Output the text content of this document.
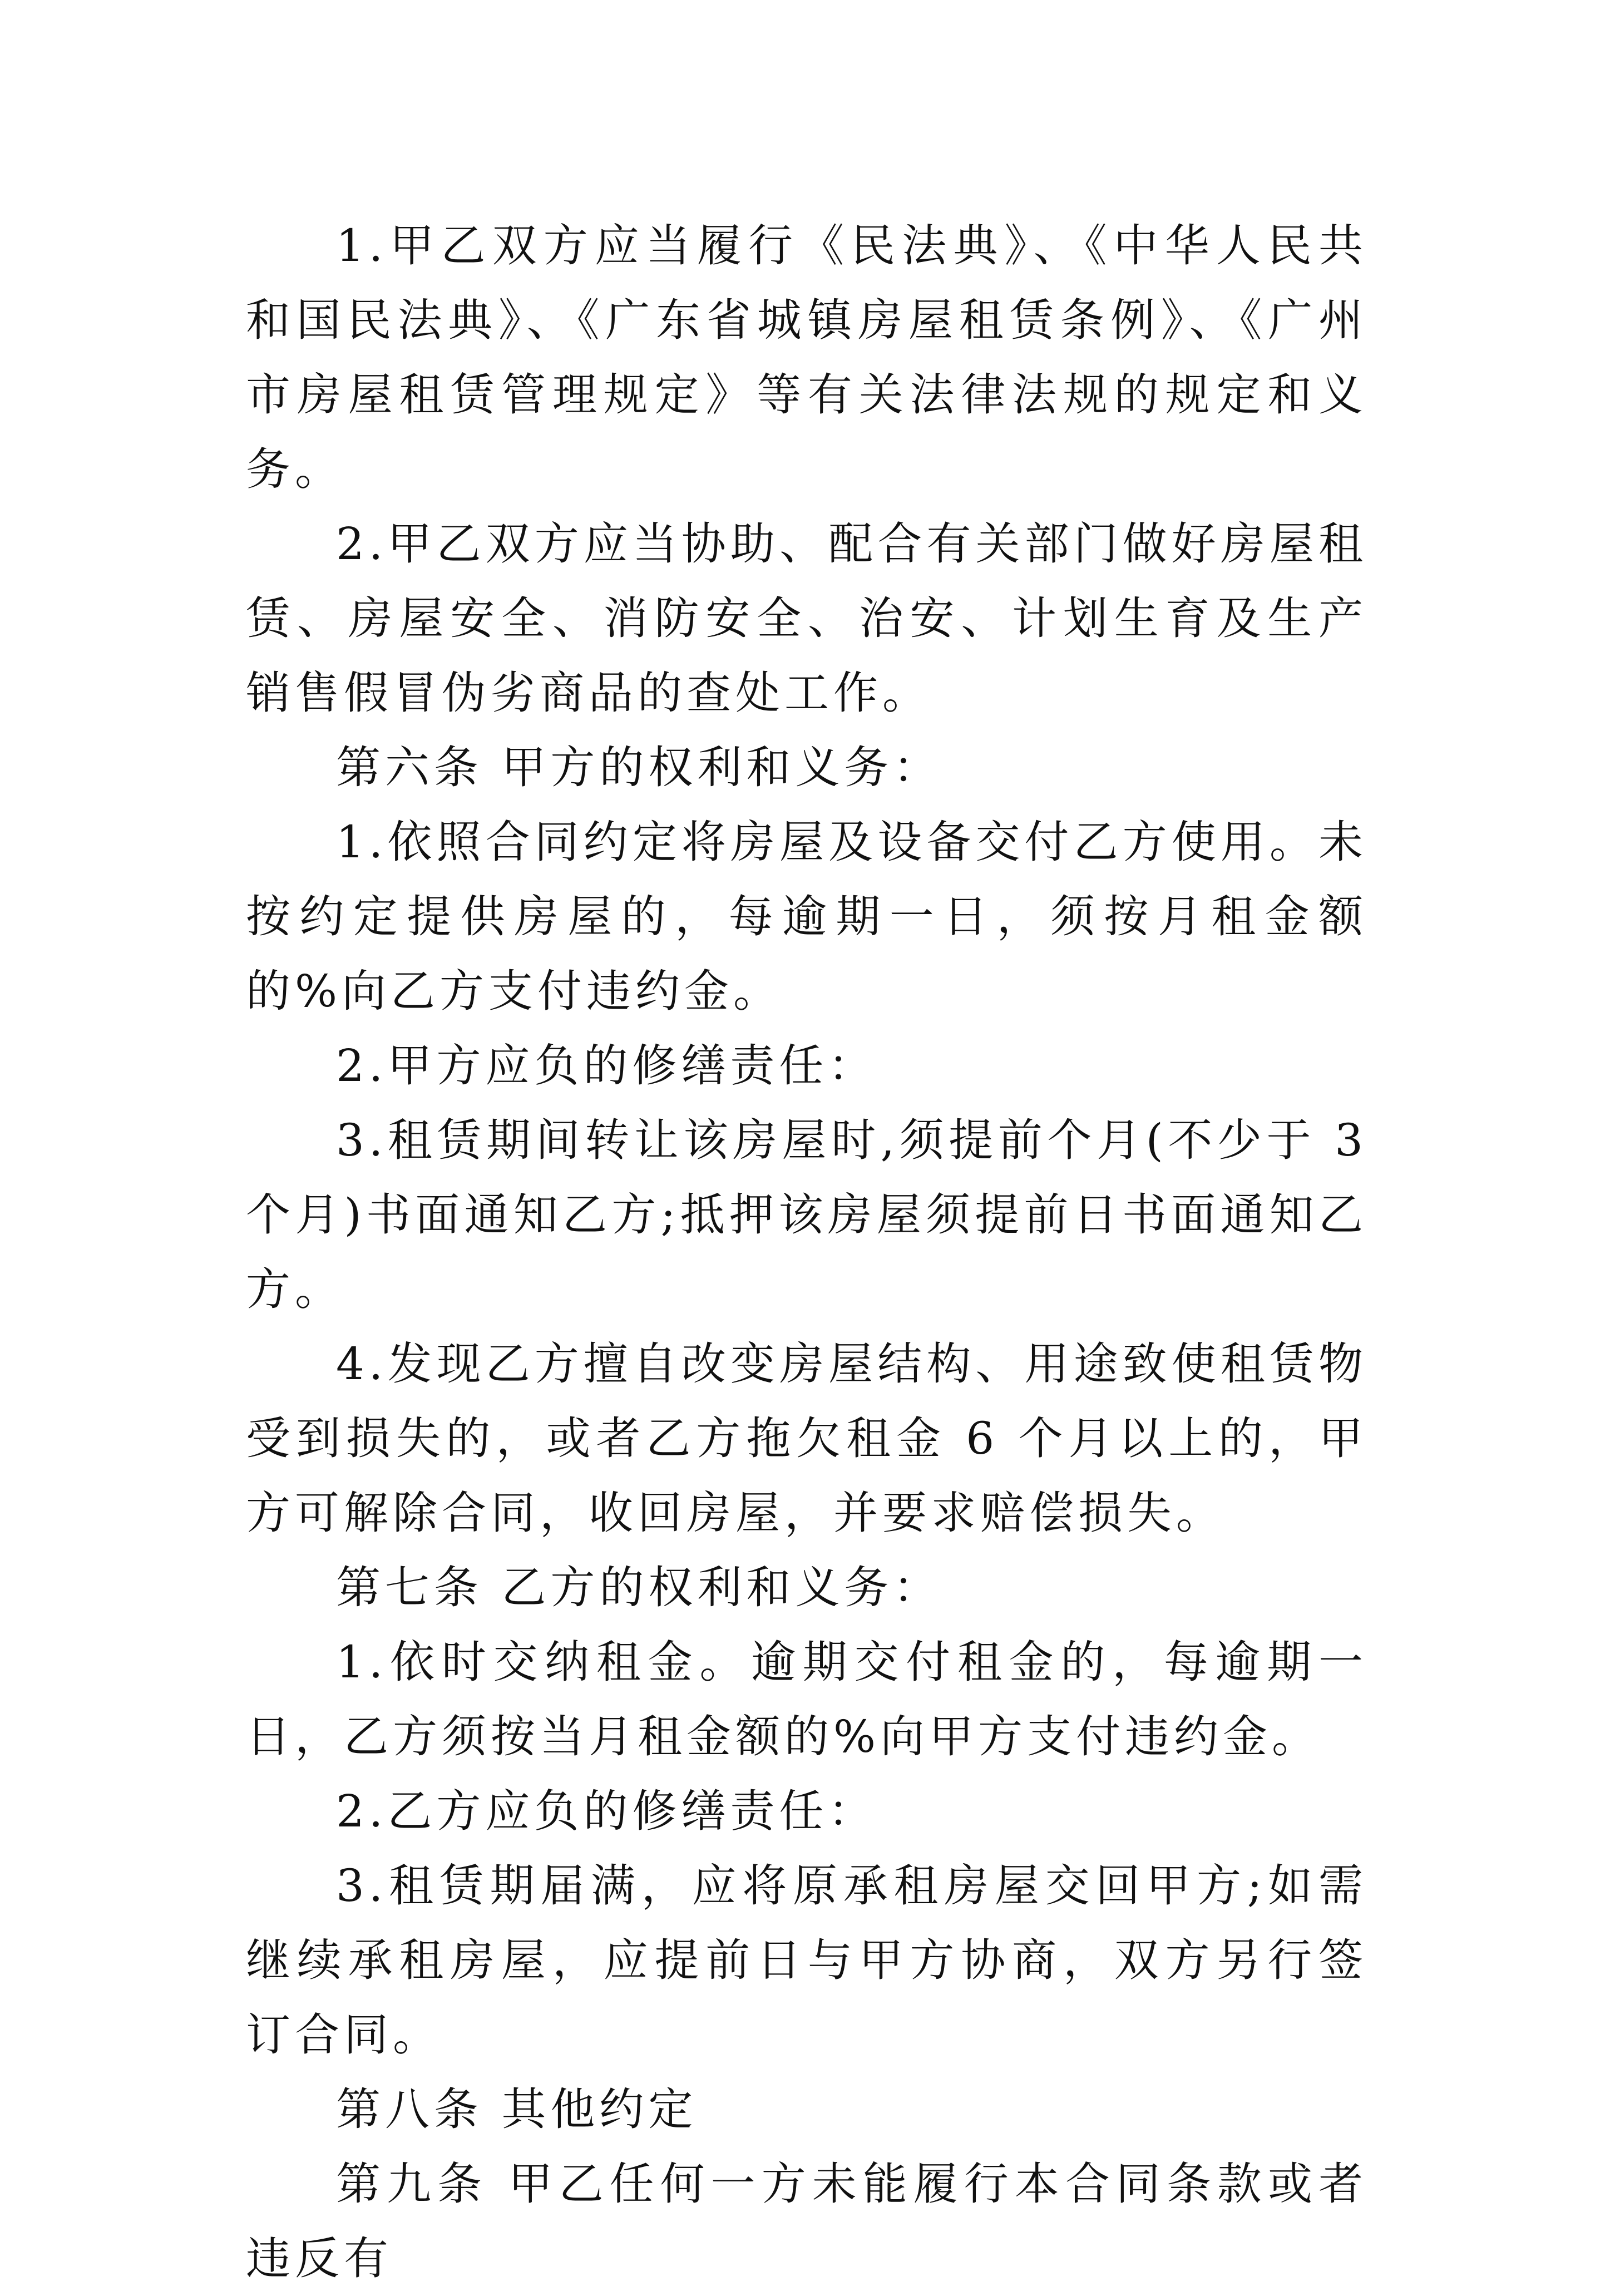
1.甲乙双方应当履行《民法典》、《中华人民共和国民法典》、《广东省城镇房屋租赁条例》、《广州市房屋租赁管理规定》等有关法律法规的规定和义务。

2.甲乙双方应当协助、配合有关部门做好房屋租赁、房屋安全、消防安全、治安、计划生育及生产销售假冒伪劣商品的查处工作。

第六条 甲方的权利和义务：

1.依照合同约定将房屋及设备交付乙方使用。未按约定提供房屋的，每逾期一日，须按月租金额的%向乙方支付违约金。

2.甲方应负的修缮责任：

3.租赁期间转让该房屋时,须提前个月(不少于 3 个月)书面通知乙方;抵押该房屋须提前日书面通知乙方。

4.发现乙方擅自改变房屋结构、用途致使租赁物受到损失的，或者乙方拖欠租金 6 个月以上的，甲方可解除合同，收回房屋，并要求赔偿损失。

第七条 乙方的权利和义务：

1.依时交纳租金。逾期交付租金的，每逾期一日，乙方须按当月租金额的%向甲方支付违约金。

2.乙方应负的修缮责任：

3.租赁期届满，应将原承租房屋交回甲方;如需继续承租房屋，应提前日与甲方协商，双方另行签订合同。

第八条 其他约定

第九条 甲乙任何一方未能履行本合同条款或者违反有
